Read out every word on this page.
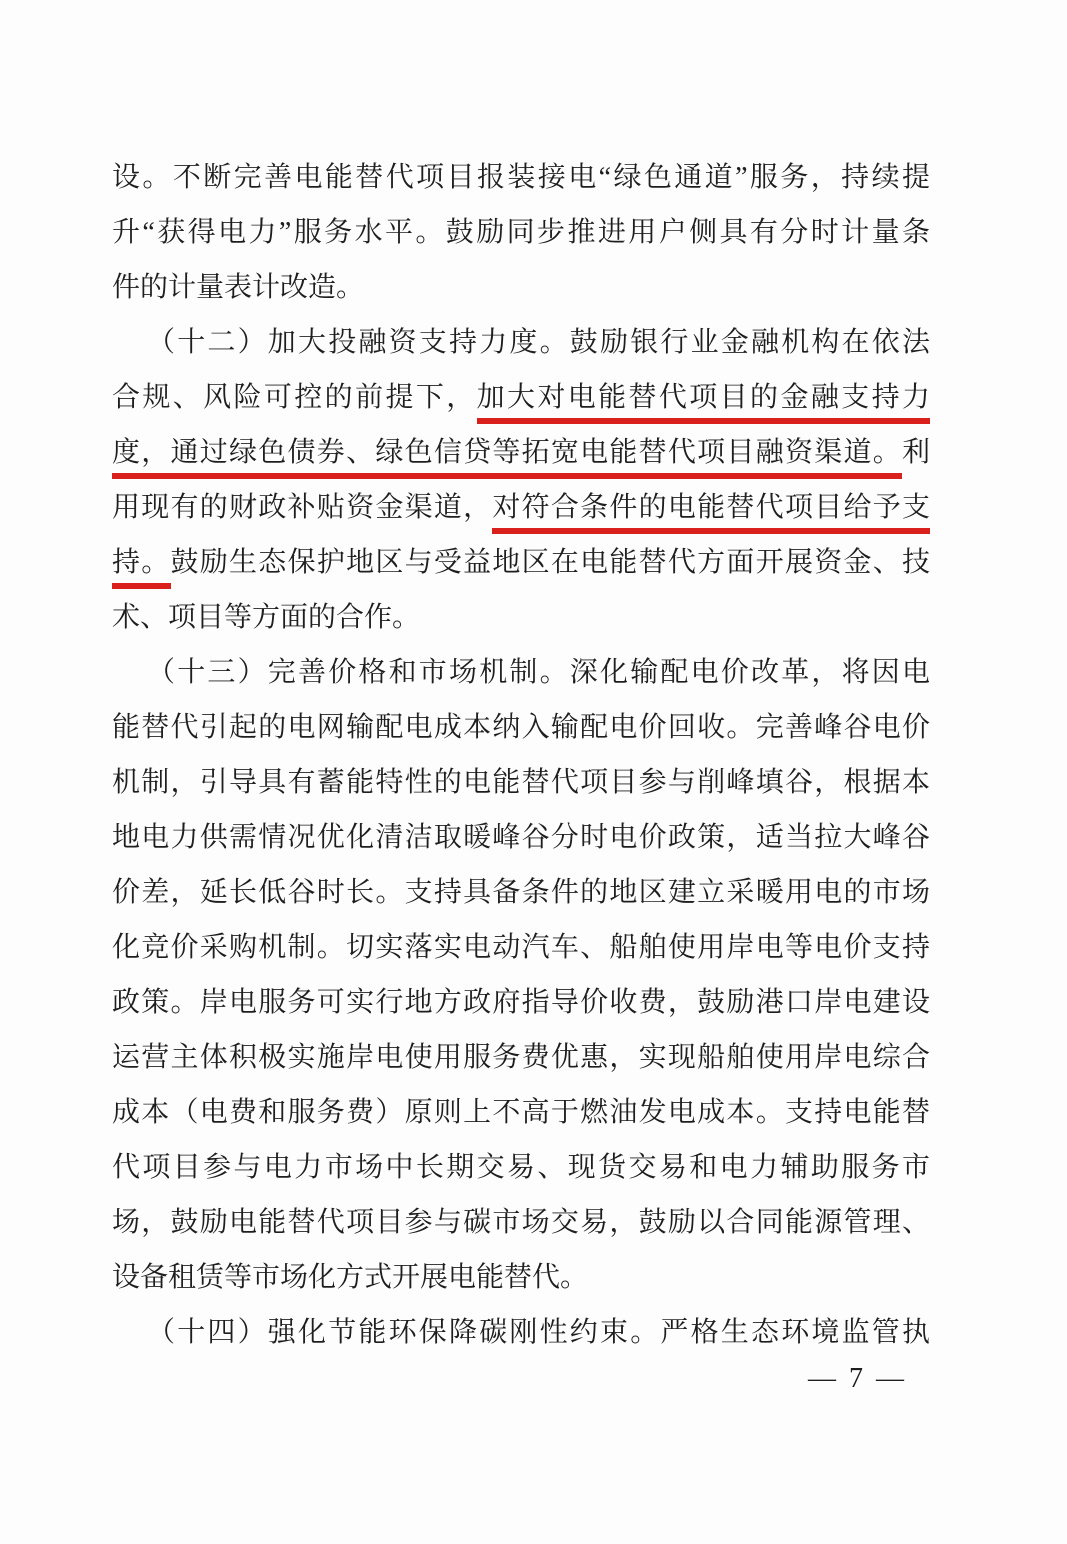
设。不断完善电能替代项目报装接电“绿色通道”服务，持续提
升“获得电力”服务水平。鼓励同步推进用户侧具有分时计量条
件的计量表计改造。
（十二）加大投融资支持力度。鼓励银行业金融机构在依法
合规、风险可控的前提下，加大对电能替代项目的金融支持力
度，通过绿色债券、绿色信贷等拓宽电能替代项目融资渠道。利
用现有的财政补贴资金渠道，对符合条件的电能替代项目给予支
持。鼓励生态保护地区与受益地区在电能替代方面开展资金、技
术、项目等方面的合作。
（十三）完善价格和市场机制。深化输配电价改革，将因电
能替代引起的电网输配电成本纳入输配电价回收。完善峰谷电价
机制，引导具有蓄能特性的电能替代项目参与削峰填谷，根据本
地电力供需情况优化清洁取暖峰谷分时电价政策，适当拉大峰谷
价差，延长低谷时长。支持具备条件的地区建立采暖用电的市场
化竞价采购机制。切实落实电动汽车、船舶使用岸电等电价支持
政策。岸电服务可实行地方政府指导价收费，鼓励港口岸电建设
运营主体积极实施岸电使用服务费优惠，实现船舶使用岸电综合
成本（电费和服务费）原则上不高于燃油发电成本。支持电能替
代项目参与电力市场中长期交易、现货交易和电力辅助服务市
场，鼓励电能替代项目参与碳市场交易，鼓励以合同能源管理、
设备租赁等市场化方式开展电能替代。
（十四）强化节能环保降碳刚性约束。严格生态环境监管执
— 7 —
